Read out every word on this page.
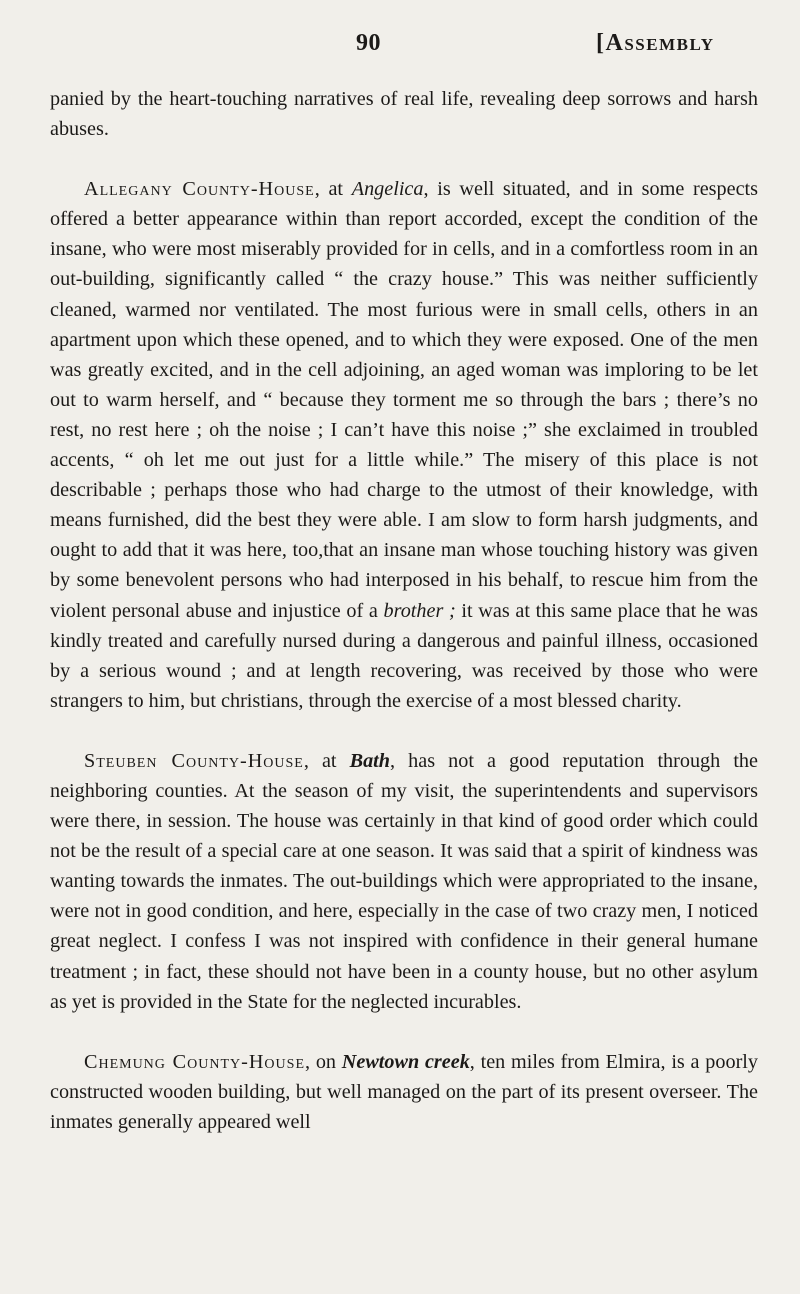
90	[Assembly

panied by the heart-touching narratives of real life, revealing deep sorrows and harsh abuses.

Allegany County-House, at Angelica, is well situated, and in some respects offered a better appearance within than report accorded, except the condition of the insane, who were most miserably provided for in cells, and in a comfortless room in an out-building, significantly called “ the crazy house.” This was neither sufficiently cleaned, warmed nor ventilated. The most furious were in small cells, others in an apartment upon which these opened, and to which they were exposed. One of the men was greatly excited, and in the cell adjoining, an aged woman was imploring to be let out to warm herself, and “ because they torment me so through the bars ; there’s no rest, no rest here ; oh the noise ; I can’t have this noise ;” she exclaimed in troubled accents, “ oh let me out just for a little while.” The misery of this place is not describable ; perhaps those who had charge to the utmost of their knowledge, with means furnished, did the best they were able. I am slow to form harsh judgments, and ought to add that it was here, too,that an insane man whose touching history was given by some benevolent persons who had interposed in his behalf, to rescue him from the violent personal abuse and injustice of a brother ; it was at this same place that he was kindly treated and carefully nursed during a dangerous and painful illness, occasioned by a serious wound ; and at length recovering, was received by those who were strangers to him, but christians, through the exercise of a most blessed charity.

Steuben County-House, at Bath, has not a good reputation through the neighboring counties. At the season of my visit, the superintendents and supervisors were there, in session. The house was certainly in that kind of good order which could not be the result of a special care at one season. It was said that a spirit of kindness was wanting towards the inmates. The out-buildings which were appropriated to the insane, were not in good condition, and here, especially in the case of two crazy men, I noticed great neglect. I confess I was not inspired with confidence in their general humane treatment ; in fact, these should not have been in a county house, but no other asylum as yet is provided in the State for the neglected incurables.

Chemung County-House, on Newtown creek, ten miles from Elmira, is a poorly constructed wooden building, but well managed on the part of its present overseer. The inmates generally appeared well
